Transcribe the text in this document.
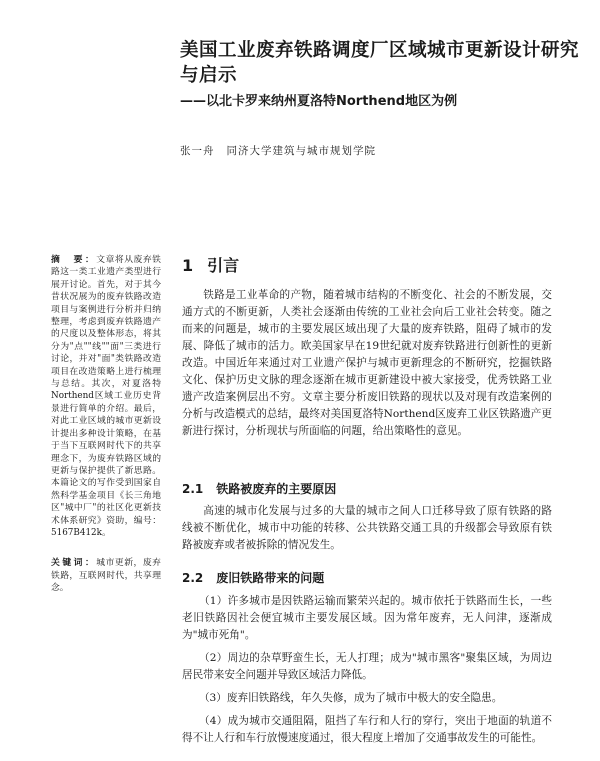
美国工业废弃铁路调度厂区域城市更新设计研究与启示
——以北卡罗来纳州夏洛特Northend地区为例
张一舟 同济大学建筑与城市规划学院

摘　要：文章将从废弃铁路这一类工业遗产类型进行展开讨论。首先，对于其今昔状况展为的废弃铁路改造项目与案例进行分析并归纳整理，考虑到废弃铁路遗产的尺度以及整体形态，将其分为"点""线""面"三类进行讨论，并对"面"类铁路改造项目在改造策略上进行梳理与总结。其次，对夏洛特Northend区域工业历史背景进行简单的介绍。最后，对此工业区域的城市更新设计提出多种设计策略，在基于当下互联网时代下的共享理念下，为废弃铁路区域的更新与保护提供了新思路。本篇论文的写作受到国家自然科学基金项目《长三角地区"城中厂"的社区化更新技术体系研究》资助，编号：5167B412k。

关键词：城市更新，废弃铁路，互联网时代，共享理念。

1 引言

铁路是工业革命的产物，随着城市结构的不断变化、社会的不断发展，交通方式的不断更新，人类社会逐渐由传统的工业社会向后工业社会转变。随之而来的问题是，城市的主要发展区域出现了大量的废弃铁路，阻碍了城市的发展、降低了城市的活力。欧美国家早在19世纪就对废弃铁路进行创新性的更新改造。中国近年来通过对工业遗产保护与城市更新理念的不断研究，挖掘铁路文化、保护历史文脉的理念逐渐在城市更新建设中被大家接受，优秀铁路工业遗产改造案例层出不穷。文章主要分析废旧铁路的现状以及对现有改造案例的分析与改造模式的总结，最终对美国夏洛特Northend区废弃工业区铁路遗产更新进行探讨，分析现状与所面临的问题，给出策略性的意见。

2.1 铁路被废弃的主要原因

高速的城市化发展与过多的大量的城市之间人口迁移导致了原有铁路的路线被不断优化，城市中功能的转移、公共铁路交通工具的升级都会导致原有铁路被废弃或者被拆除的情况发生。

2.2 废旧铁路带来的问题

（1）许多城市是因铁路运输而繁荣兴起的。城市依托于铁路而生长，一些老旧铁路因社会便宜城市主要发展区域。因为常年废弃，无人问津，逐渐成为"城市死角"。

（2）周边的杂草野蛮生长，无人打理；成为"城市黑客"聚集区域，为周边居民带来安全问题并导致区域活力降低。

（3）废弃旧铁路线，年久失修，成为了城市中极大的安全隐患。

（4）成为城市交通阻隔，阻挡了车行和人行的穿行，突出于地面的轨道不得不让人行和车行放慢速度通过，很大程度上增加了交通事故发生的可能性。
